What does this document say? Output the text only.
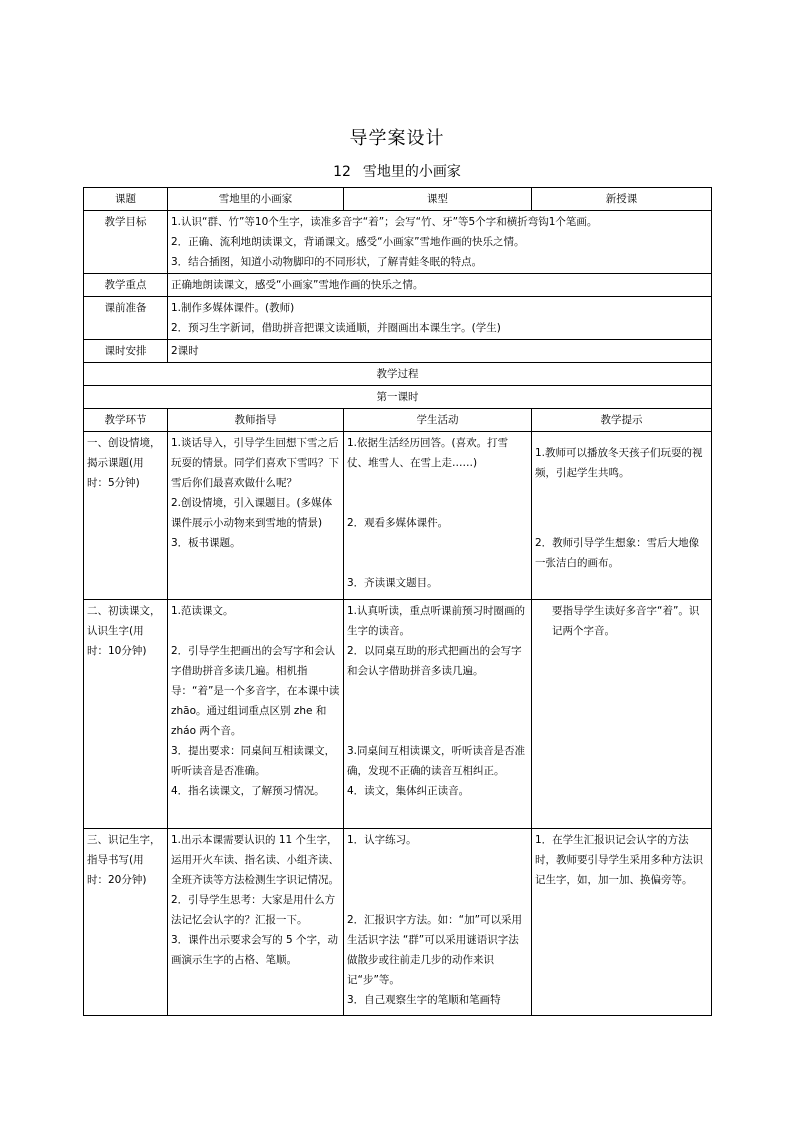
导学案设计
12 雪地里的小画家
课题	雪地里的小画家	课型	新授课
教学目标	1.认识“群、竹”等10个生字，读准多音字“着”；会写“竹、牙”等5个字和横折弯钩1个笔画。
2．正确、流利地朗读课文，背诵课文。感受“小画家”雪地作画的快乐之情。
3．结合插图，知道小动物脚印的不同形状，了解青蛙冬眠的特点。		

教学重点	正确地朗读课文，感受“小画家”雪地作画的快乐之情。		
课前准备	1.制作多媒体课件。(教师)
2．预习生字新词，借助拼音把课文读通顺，并圈画出本课生字。(学生)		

课时安排	2课时		
教学过程			
第一课时			
教学环节	教师指导	学生活动	教学提示
一、创设情境，揭示课题(用时：5分钟)	1.谈话导入，引导学生回想下雪之后玩耍的情景。同学们喜欢下雪吗？下雪后你们最喜欢做什么呢？
2.创设情境，引入课题目。(多媒体课件展示小动物来到雪地的情景)
3．板书课题。	1.依据生活经历回答。(喜欢。打雪仗、堆雪人、在雪上走……)
2．观看多媒体课件。
3．齐读课文题目。	1.教师可以播放冬天孩子们玩耍的视频，引起学生共鸣。
2．教师引导学生想象：雪后大地像一张洁白的画布。

二、初读课文，认识生字(用时：10分钟)	1.范读课文。
2．引导学生把画出的会写字和会认字借助拼音多读几遍。相机指导：“着”是一个多音字，在本课中读 zhāo。通过组词重点区别 zhe 和 zháo 两个音。
3．提出要求：同桌间互相读课文，听听读音是否准确。
4．指名读课文，了解预习情况。	1.认真听读，重点听课前预习时圈画的生字的读音。
2．以同桌互助的形式把画出的会写字和会认字借助拼音多读几遍。
3.同桌间互相读课文，听听读音是否准确，发现不正确的读音互相纠正。
4．读文，集体纠正读音。	要指导学生读好多音字“着”。识记两个字音。

三、识记生字，指导书写(用时：20分钟)	1.出示本课需要认识的 11 个生字，运用开火车读、指名读、小组齐读、全班齐读等方法检测生字识记情况。
2．引导学生思考：大家是用什么方法记忆会认字的？汇报一下。
3．课件出示要求会写的 5 个字，动画演示生字的占格、笔顺。	1．认字练习。
2．汇报识字方法。如：“加”可以采用生活识字法 “群”可以采用谜语识字法 做散步或往前走几步的动作来识记“步”等。
3．自己观察生字的笔顺和笔画特	1．在学生汇报识记会认字的方法时，教师要引导学生采用多种方法识记生字，如，加一加、换偏旁等。
